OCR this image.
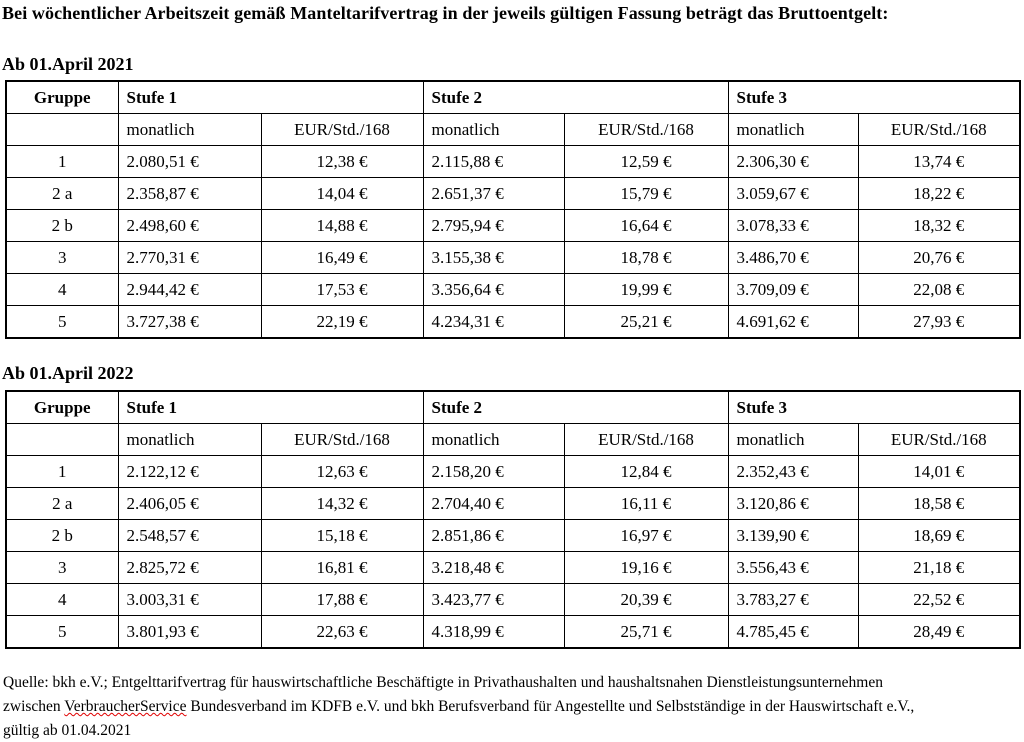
Bei wöchentlicher Arbeitszeit gemäß Manteltarifvertrag in der jeweils gültigen Fassung beträgt das Bruttoentgelt:
Ab 01.April 2021
Gruppe	Stufe 1		Stufe 2		Stufe 3	
	monatlich	EUR/Std./168	monatlich	EUR/Std./168	monatlich	EUR/Std./168
1	2.080,51 €	12,38 €	2.115,88 €	12,59 €	2.306,30 €	13,74 €
2 a	2.358,87 €	14,04 €	2.651,37 €	15,79 €	3.059,67 €	18,22 €
2 b	2.498,60 €	14,88 €	2.795,94 €	16,64 €	3.078,33 €	18,32 €
3	2.770,31 €	16,49 €	3.155,38 €	18,78 €	3.486,70 €	20,76 €
4	2.944,42 €	17,53 €	3.356,64 €	19,99 €	3.709,09 €	22,08 €
5	3.727,38 €	22,19 €	4.234,31 €	25,21 €	4.691,62 €	27,93 €
Ab 01.April 2022
Gruppe	Stufe 1		Stufe 2		Stufe 3	
	monatlich	EUR/Std./168	monatlich	EUR/Std./168	monatlich	EUR/Std./168
1	2.122,12 €	12,63 €	2.158,20 €	12,84 €	2.352,43 €	14,01 €
2 a	2.406,05 €	14,32 €	2.704,40 €	16,11 €	3.120,86 €	18,58 €
2 b	2.548,57 €	15,18 €	2.851,86 €	16,97 €	3.139,90 €	18,69 €
3	2.825,72 €	16,81 €	3.218,48 €	19,16 €	3.556,43 €	21,18 €
4	3.003,31 €	17,88 €	3.423,77 €	20,39 €	3.783,27 €	22,52 €
5	3.801,93 €	22,63 €	4.318,99 €	25,71 €	4.785,45 €	28,49 €
Quelle: bkh e.V.; Entgelttarifvertrag für hauswirtschaftliche Beschäftigte in Privathaushalten und haushaltsnahen Dienstleistungsunternehmen
zwischen VerbraucherService Bundesverband im KDFB e.V. und bkh Berufsverband für Angestellte und Selbstständige in der Hauswirtschaft e.V.,
gültig ab 01.04.2021
